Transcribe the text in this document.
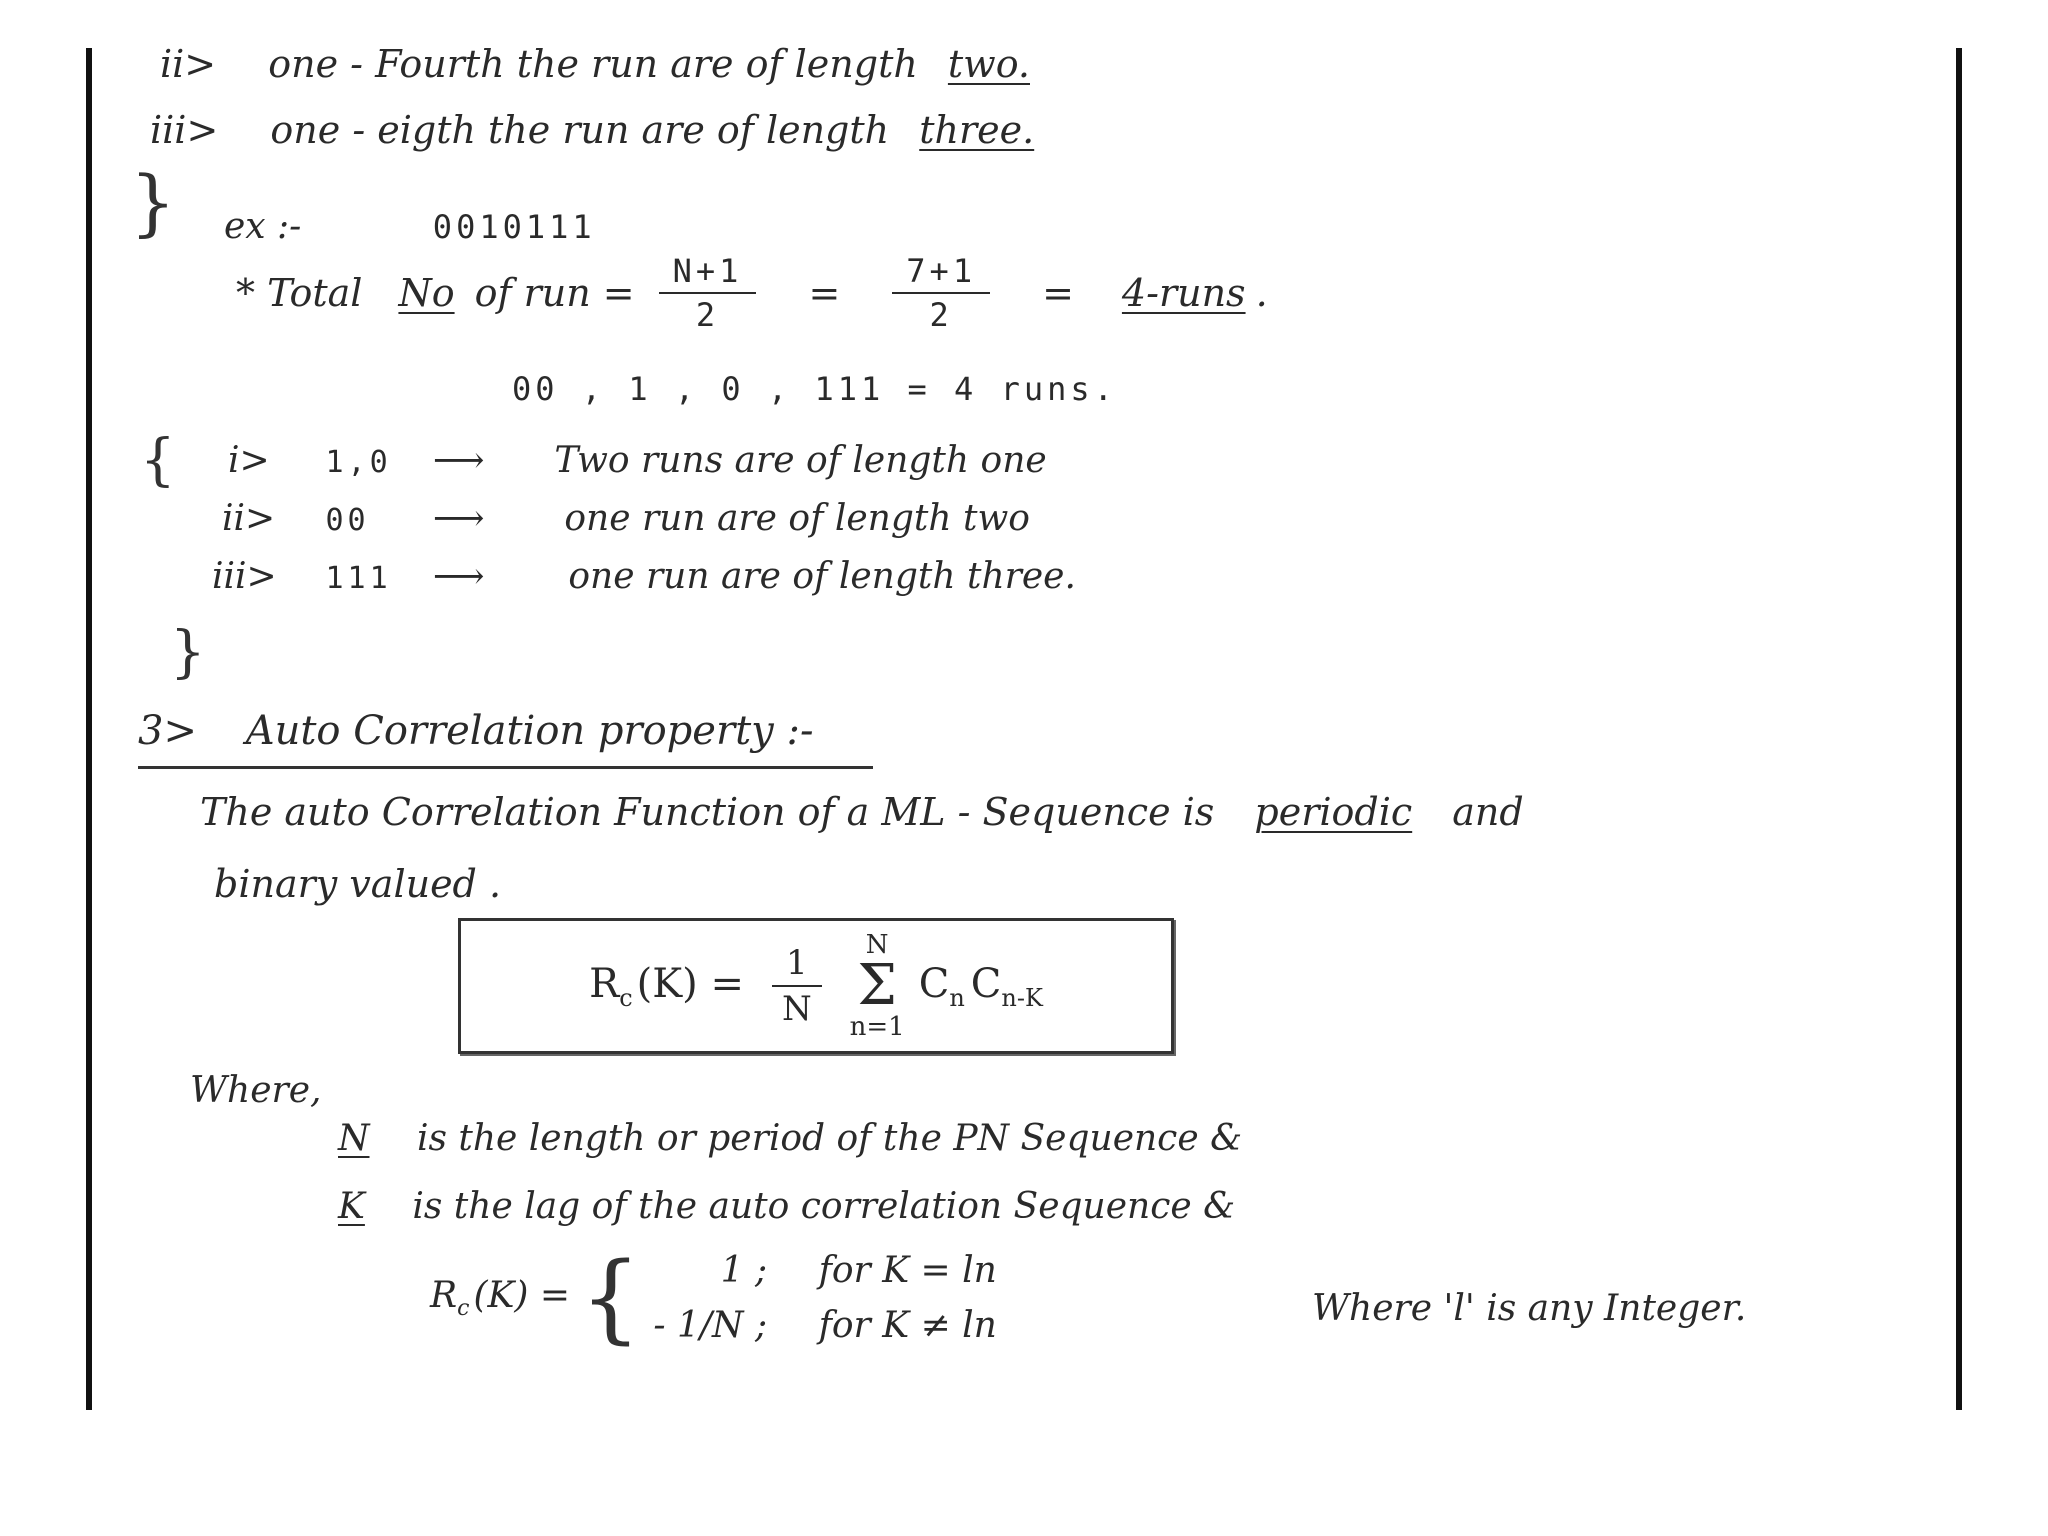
ii> one - Fourth the run are of length two.
iii> one - eigth the run are of length three.
} ex :-	0010111
* Total No of run = $\frac{N+1}{2} = \frac{7+1}{2}$ = 4-runs .
00 , 1 , 0 , 111 = 4 runs.
{ i> 1,0 ⟶ Two runs are of length one
ii> 00 ⟶ one run are of length two
iii> 111 ⟶ one run are of length three.
}
3> Auto Correlation property :-
The auto Correlation Function of a ML - Sequence is periodic and
binary valued .
$R_c$ $(K) = \frac{1}{N}$ N
Σ
n=1
$C_n$ $C_{n-K}$
Where,
N is the length or period of the PN Sequence &
K is the lag of the auto correlation Sequence &
$R_c$ (K) = {	1 ; for K = ln
- 1/N ; for K ≠ ln	Where 'l' is any Integer.
